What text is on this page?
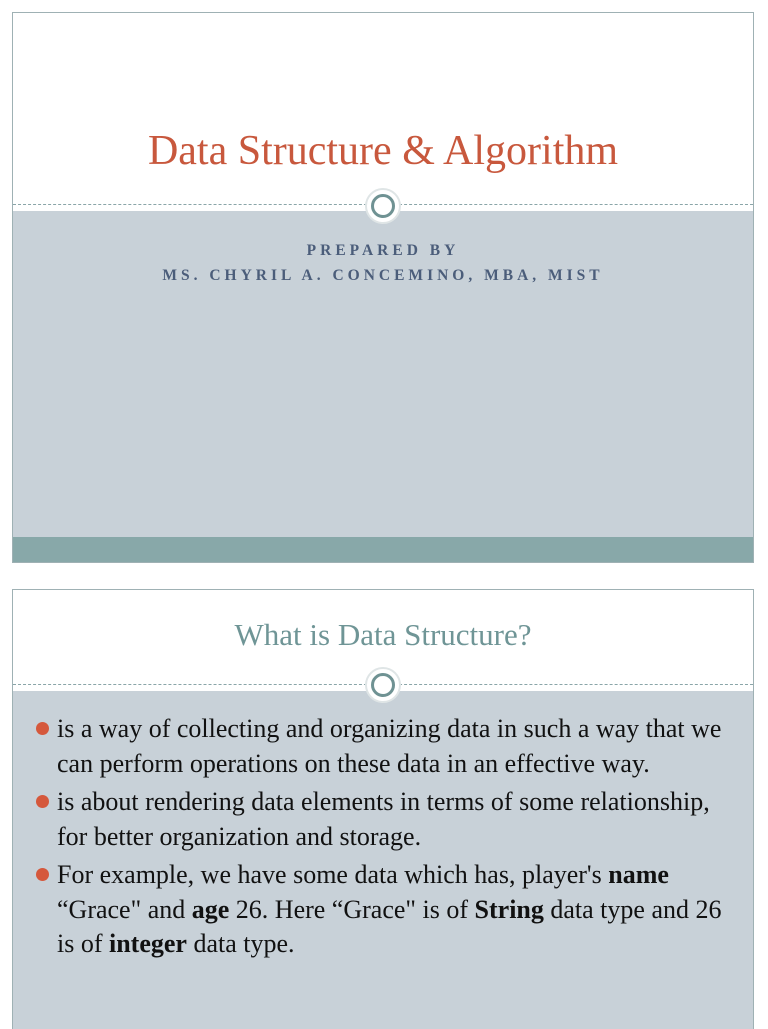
Data Structure & Algorithm
PREPARED BY
MS. CHYRIL A. CONCEMINO, MBA, MIST
What is Data Structure?
is a way of collecting and organizing data in such a way that we can perform operations on these data in an effective way.
is about rendering data elements in terms of some relationship, for better organization and storage.
For example, we have some data which has, player's name “Grace" and age 26. Here “Grace" is of String data type and 26 is of integer data type.
